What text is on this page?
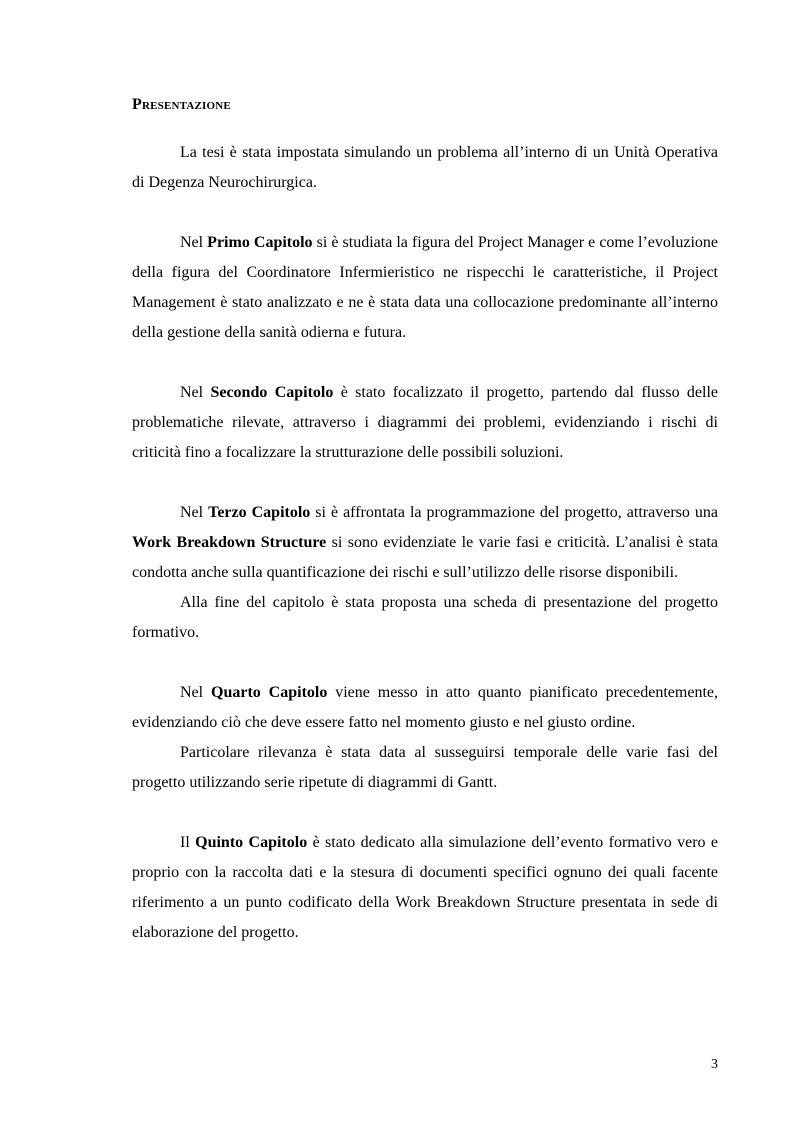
Presentazione

La tesi è stata impostata simulando un problema all’interno di un Unità Operativa di Degenza Neurochirurgica.

Nel Primo Capitolo si è studiata la figura del Project Manager e come l’evoluzione della figura del Coordinatore Infermieristico ne rispecchi le caratteristiche, il Project Management è stato analizzato e ne è stata data una collocazione predominante all’interno della gestione della sanità odierna e futura.

Nel Secondo Capitolo è stato focalizzato il progetto, partendo dal flusso delle problematiche rilevate, attraverso i diagrammi dei problemi, evidenziando i rischi di criticità fino a focalizzare la strutturazione delle possibili soluzioni.

Nel Terzo Capitolo si è affrontata la programmazione del progetto, attraverso una Work Breakdown Structure si sono evidenziate le varie fasi e criticità. L’analisi è stata condotta anche sulla quantificazione dei rischi e sull’utilizzo delle risorse disponibili.

Alla fine del capitolo è stata proposta una scheda di presentazione del progetto formativo.

Nel Quarto Capitolo viene messo in atto quanto pianificato precedentemente, evidenziando ciò che deve essere fatto nel momento giusto e nel giusto ordine.

Particolare rilevanza è stata data al susseguirsi temporale delle varie fasi del progetto utilizzando serie ripetute di diagrammi di Gantt.

Il Quinto Capitolo è stato dedicato alla simulazione dell’evento formativo vero e proprio con la raccolta dati e la stesura di documenti specifici ognuno dei quali facente riferimento a un punto codificato della Work Breakdown Structure presentata in sede di elaborazione del progetto.

3
